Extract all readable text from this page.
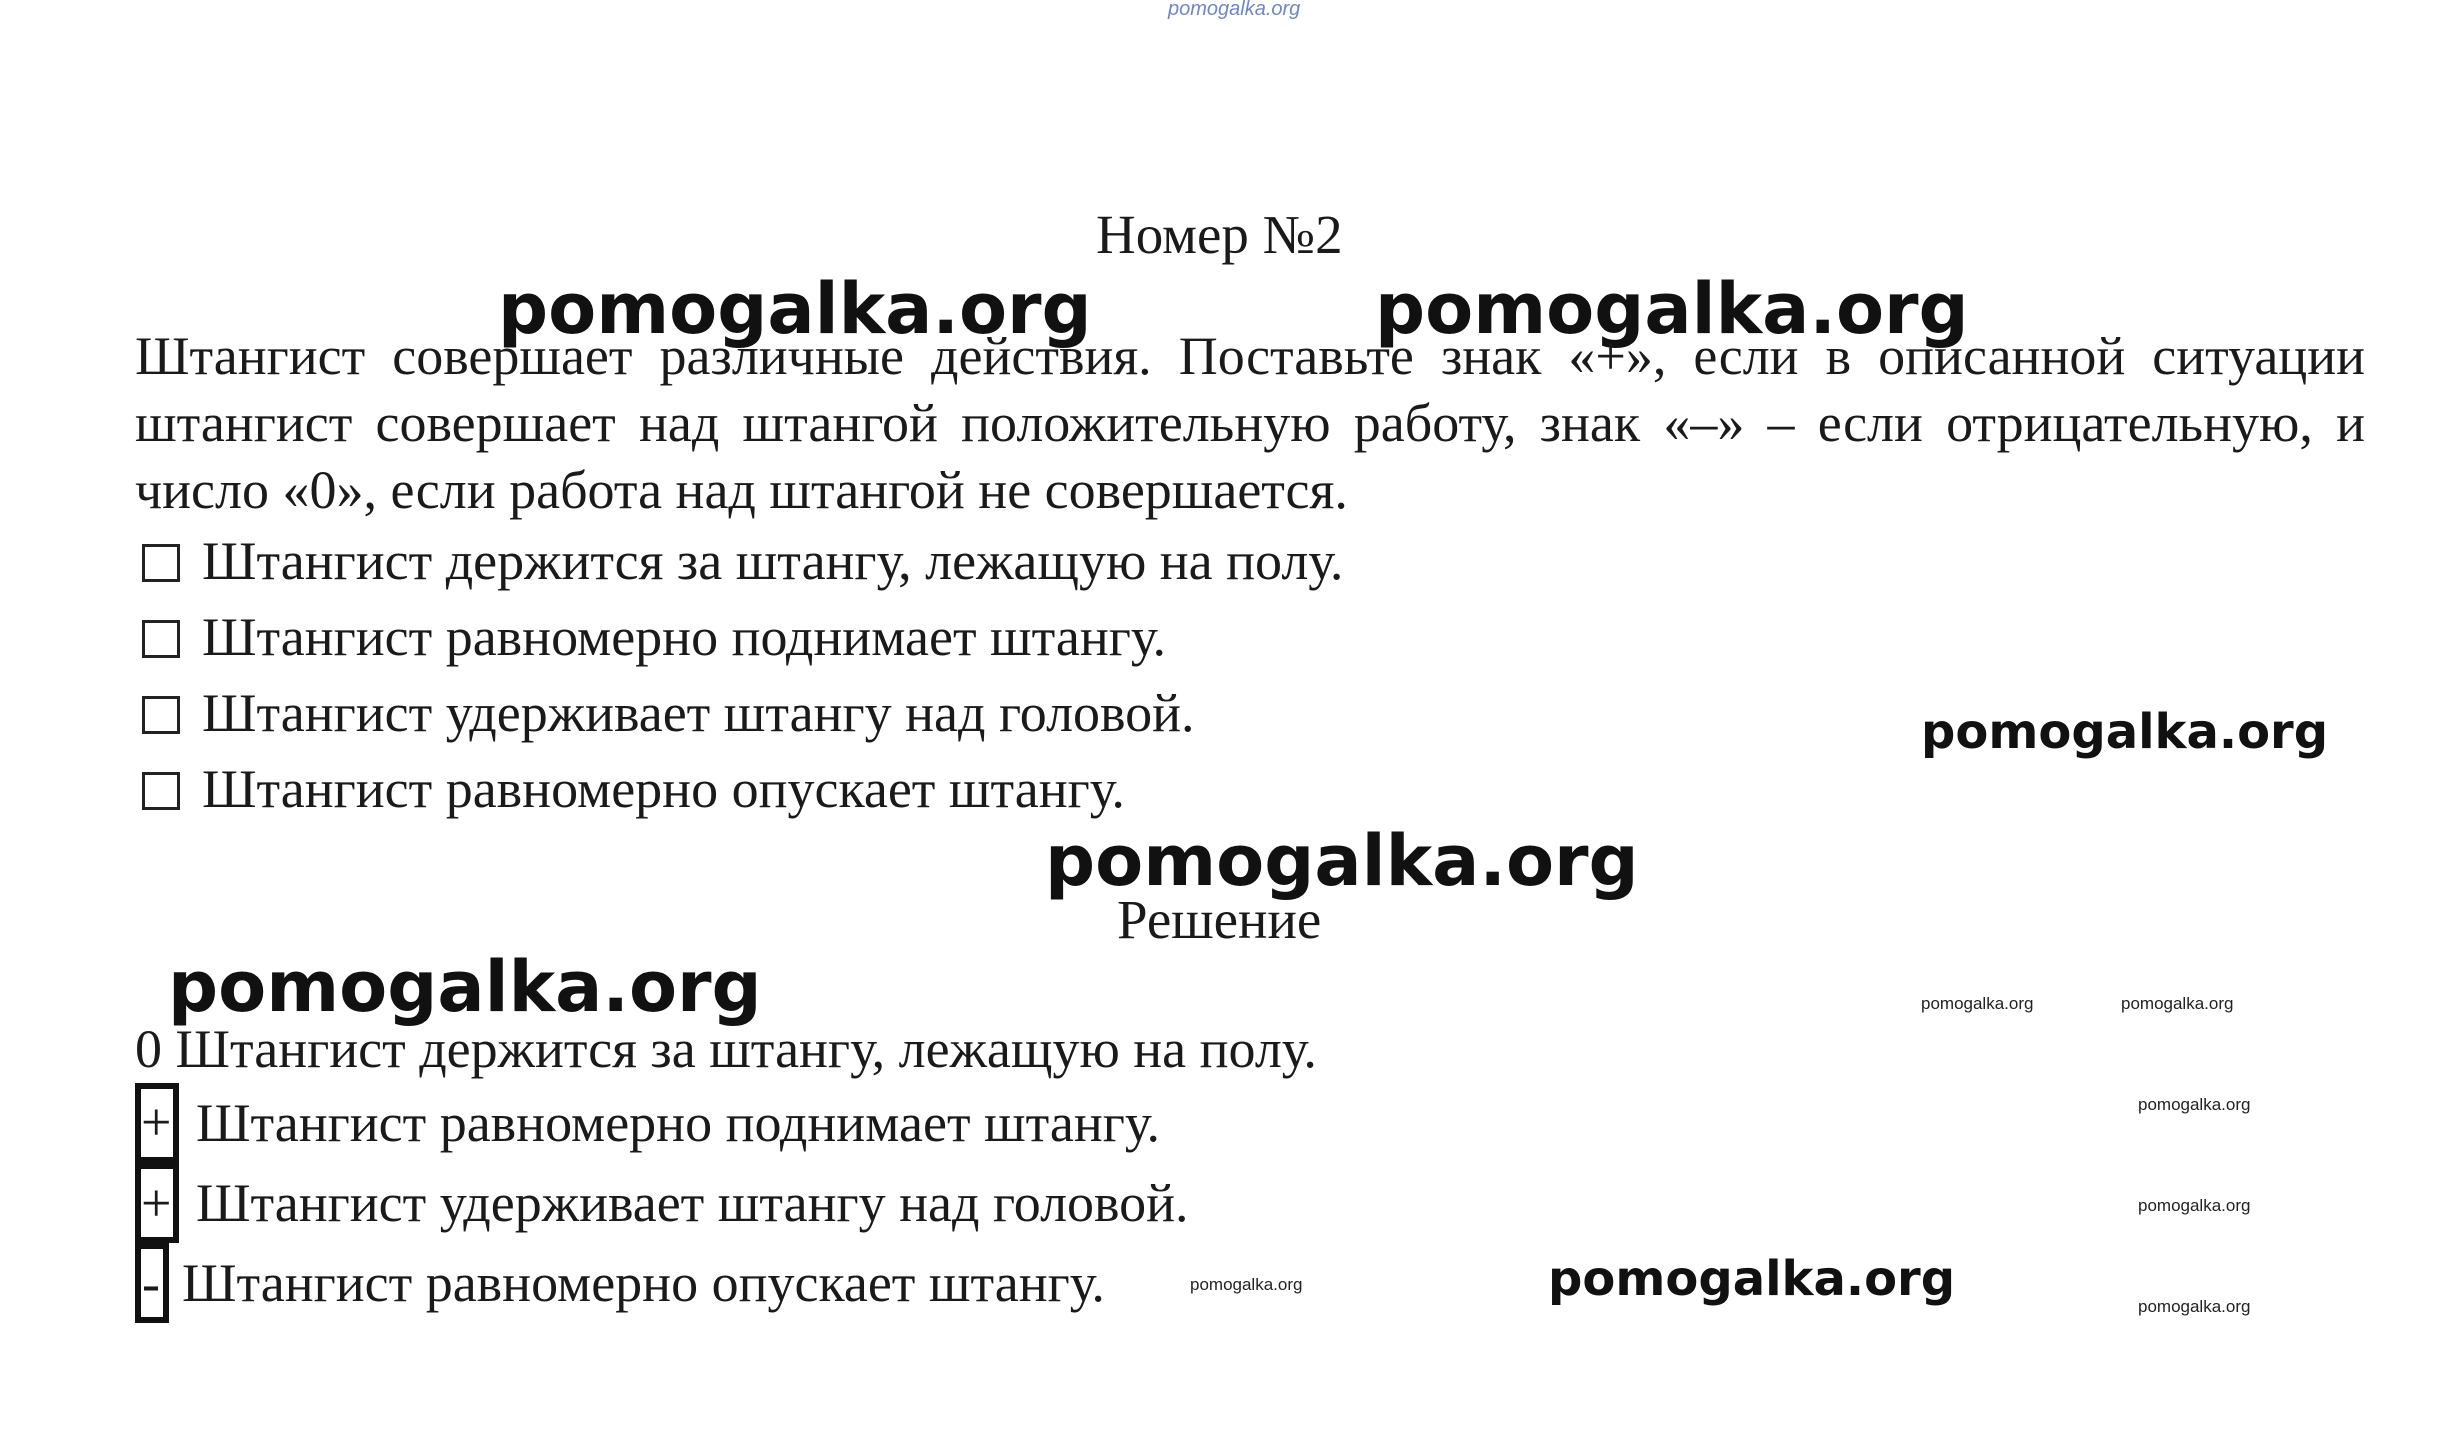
pomogalka.org
Номер №2
pomogalka.org	pomogalka.org
Штангист совершает различные действия. Поставьте знак «+», если в описанной ситуации штангист совершает над штангой положительную работу, знак «–» – если отрицательную, и число «0», если работа над штангой не совершается.
Штангист держится за штангу, лежащую на полу.
Штангист равномерно поднимает штангу.
Штангист удерживает штангу над головой.
Штангист равномерно опускает штангу.
pomogalka.org
pomogalka.org
Решение
pomogalka.org	pomogalka.org	pomogalka.org
pomogalka.org
pomogalka.org
pomogalka.org
0 Штангист держится за штангу, лежащую на полу.
+ Штангист равномерно поднимает штангу.
+ Штангист удерживает штангу над головой.
- Штангист равномерно опускает штангу.	pomogalka.org	pomogalka.org
